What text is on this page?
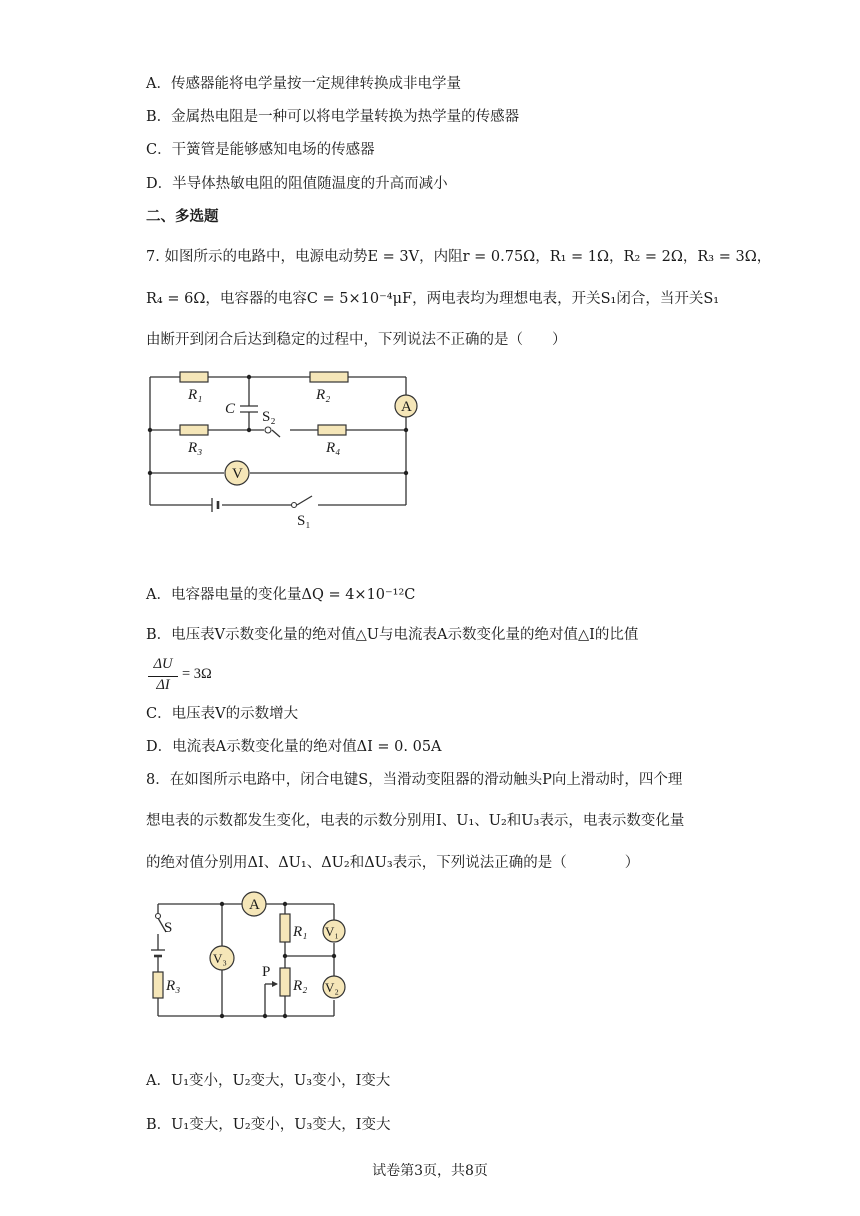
A．传感器能将电学量按一定规律转换成非电学量
B．金属热电阻是一种可以将电学量转换为热学量的传感器
C．干簧管是能够感知电场的传感器
D．半导体热敏电阻的阻值随温度的升高而减小
二、多选题
7. 如图所示的电路中，电源电动势E = 3V，内阻r = 0.75Ω，R₁ = 1Ω，R₂ = 2Ω，R₃ = 3Ω，
R₄ = 6Ω，电容器的电容C = 5×10⁻⁴μF，两电表均为理想电表，开关S₁闭合，当开关S₁
由断开到闭合后达到稳定的过程中，下列说法不正确的是（　　）
R₁	R₂
R₃	R₄
C S₂
A
V
S₁
A．电容器电量的变化量ΔQ = 4×10⁻¹²C
B．电压表V示数变化量的绝对值△U与电流表A示数变化量的绝对值△I的比值
ΔU
ΔI
= 3Ω
C．电压表V的示数增大
D．电流表A示数变化量的绝对值ΔI = 0. 05A
8．在如图所示电路中，闭合电键S，当滑动变阻器的滑动触头P向上滑动时，四个理
想电表的示数都发生变化，电表的示数分别用I、U₁、U₂和U₃表示，电表示数变化量
的绝对值分别用ΔI、ΔU₁、ΔU₂和ΔU₃表示，下列说法正确的是（　　　　）
S
R₃
V₃
A
R₁ V₁
P
R₂ V₂
A．U₁变小，U₂变大，U₃变小，I变大
B．U₁变大，U₂变小，U₃变大，I变大
试卷第3页，共8页
